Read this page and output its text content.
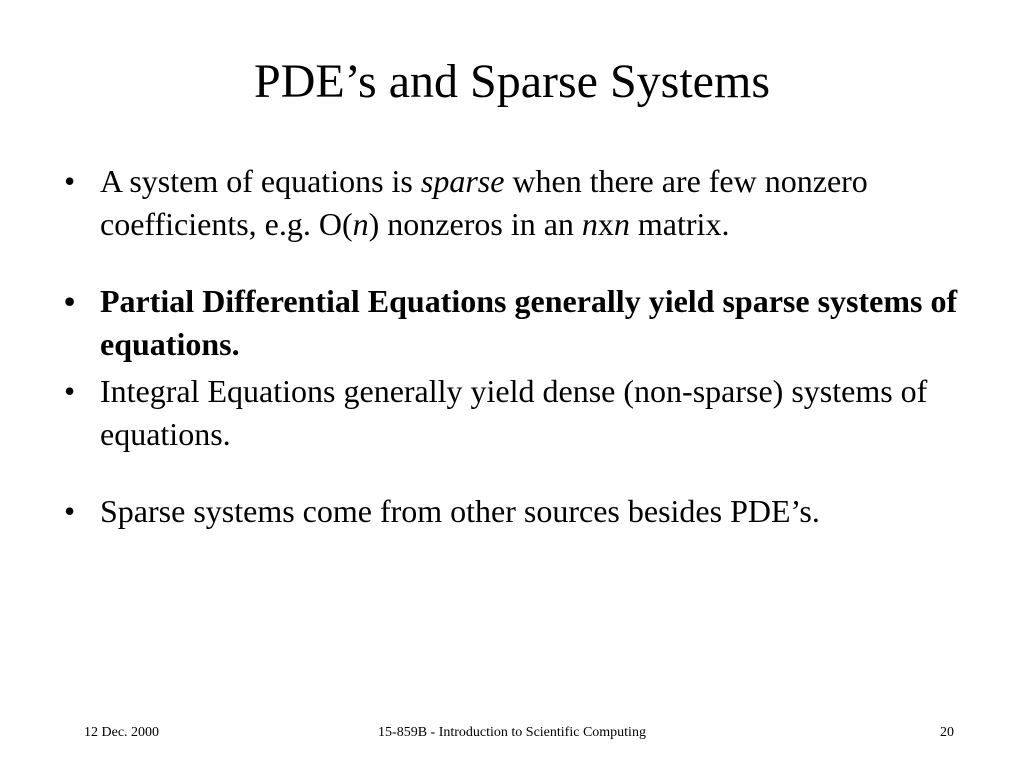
PDE’s and Sparse Systems
• A system of equations is sparse when there are few nonzero coefficients, e.g. O(n) nonzeros in an nxn matrix.
• Partial Differential Equations generally yield sparse systems of equations.
• Integral Equations generally yield dense (non-sparse) systems of equations.
• Sparse systems come from other sources besides PDE’s.
12 Dec. 2000	15-859B - Introduction to Scientific Computing	20
